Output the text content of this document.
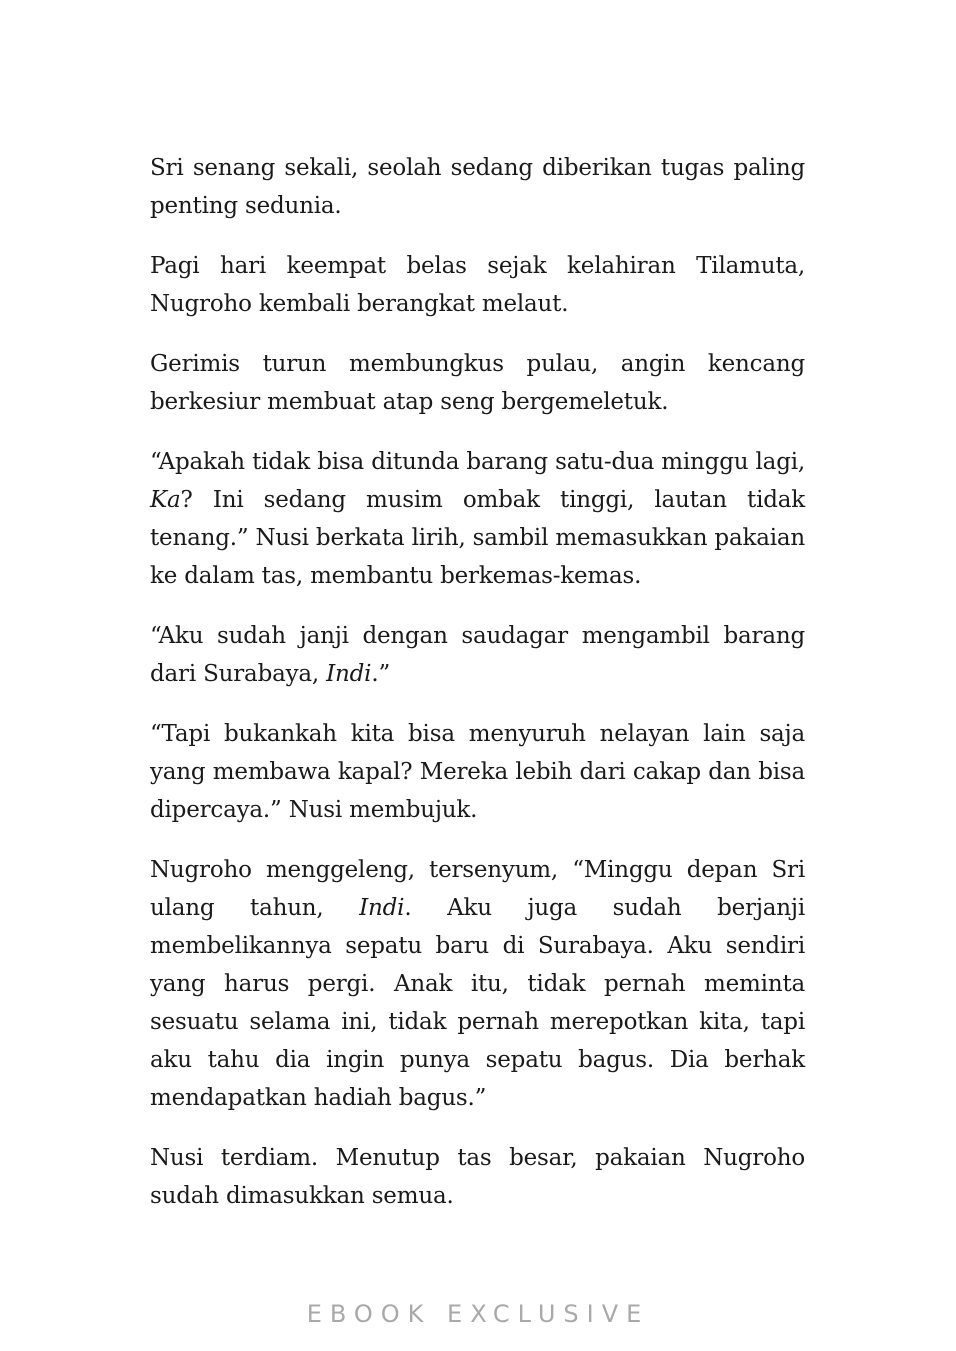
Sri senang sekali, seolah sedang diberikan tugas paling penting sedunia.

Pagi hari keempat belas sejak kelahiran Tilamuta, Nugroho kembali berangkat melaut.

Gerimis turun membungkus pulau, angin kencang berkesiur membuat atap seng bergemeletuk.

“Apakah tidak bisa ditunda barang satu-dua minggu lagi, Ka? Ini sedang musim ombak tinggi, lautan tidak tenang.” Nusi berkata lirih, sambil memasukkan pakaian ke dalam tas, membantu berkemas-kemas.

“Aku sudah janji dengan saudagar mengambil barang dari Surabaya, Indi.”

“Tapi bukankah kita bisa menyuruh nelayan lain saja yang membawa kapal? Mereka lebih dari cakap dan bisa dipercaya.” Nusi membujuk.

Nugroho menggeleng, tersenyum, “Minggu depan Sri ulang tahun, Indi. Aku juga sudah berjanji membelikannya sepatu baru di Surabaya. Aku sendiri yang harus pergi. Anak itu, tidak pernah meminta sesuatu selama ini, tidak pernah merepotkan kita, tapi aku tahu dia ingin punya sepatu bagus. Dia berhak mendapatkan hadiah bagus.”

Nusi terdiam. Menutup tas besar, pakaian Nugroho sudah dimasukkan semua.

EBOOK EXCLUSIVE
